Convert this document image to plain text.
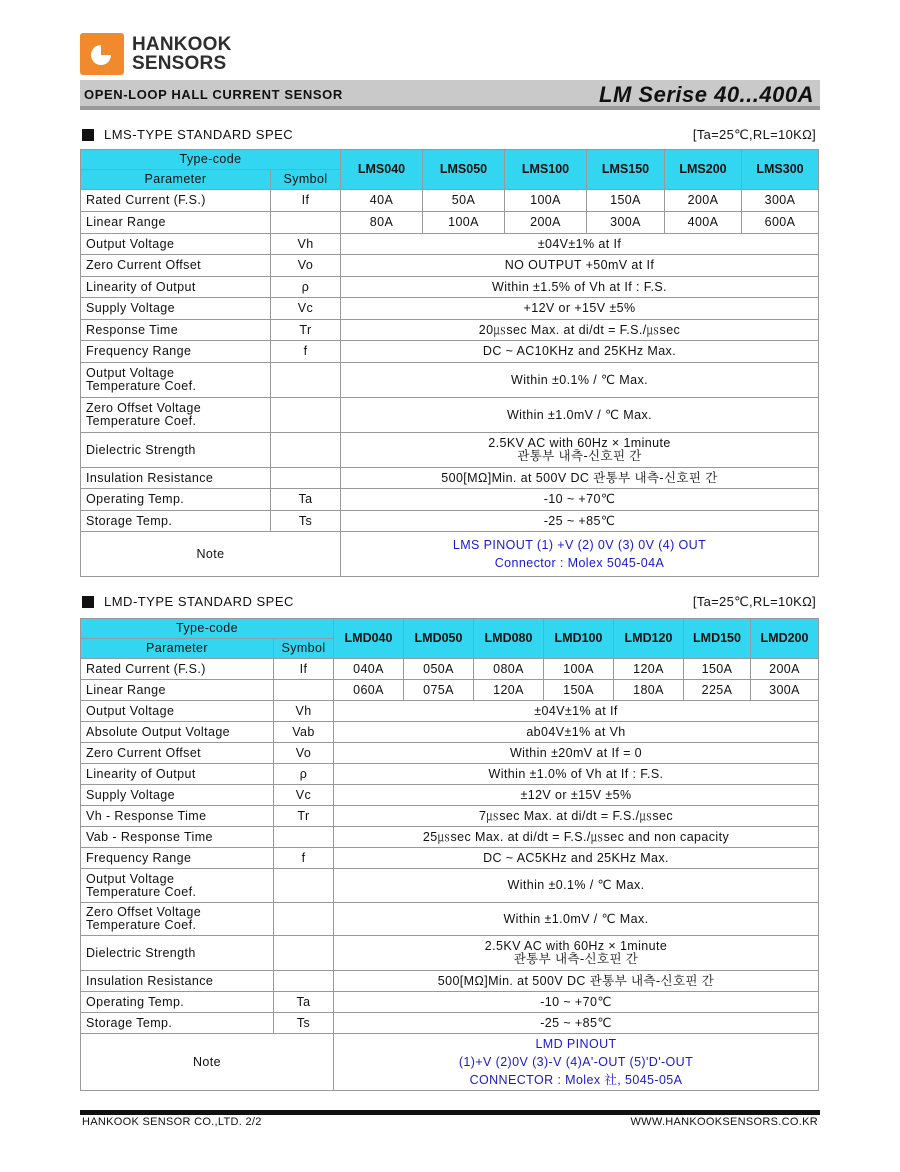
HANKOOK
SENSORS
OPEN-LOOP HALL CURRENT SENSOR	LM Serise 40...400A
LMS-TYPE STANDARD SPEC	[Ta=25℃,RL=10KΩ]
Type-code		LMS040	LMS050	LMS100	LMS150	LMS200	LMS300
Parameter	Symbol						
Rated Current (F.S.)	If	40A	50A	100A	150A	200A	300A
Linear Range		80A	100A	200A	300A	400A	600A
Output Voltage	Vh	±04V±1% at If					
Zero Current Offset	Vo	NO OUTPUT +50mV at If					
Linearity of Output	ρ	Within ±1.5% of Vh at If : F.S.					
Supply Voltage	Vc	+12V or +15V ±5%					
Response Time	Tr	20㎲sec Max. at di/dt = F.S./㎲sec					
Frequency Range	f	DC ~ AC10KHz and 25KHz Max.					

Output Voltage
Temperature Coef.		Within ±0.1% / ℃ Max.					

Zero Offset Voltage
Temperature Coef.		Within ±1.0mV / ℃ Max.					
Dielectric Strength		2.5KV AC with 60Hz × 1minute
관통부 내측-신호핀 간					

Insulation Resistance		500[MΩ]Min. at 500V DC 관통부 내측-신호핀 간					
Operating Temp.	Ta	-10 ~ +70℃					
Storage Temp.	Ts	-25 ~ +85℃					
Note		LMS PINOUT (1) +V (2) 0V (3) 0V (4) OUT
Connector : Molex 5045-04A					
LMD-TYPE STANDARD SPEC	[Ta=25℃,RL=10KΩ]
Type-code		LMD040	LMD050	LMD080	LMD100	LMD120	LMD150	LMD200
Parameter	Symbol							
Rated Current (F.S.)	If	040A	050A	080A	100A	120A	150A	200A
Linear Range		060A	075A	120A	150A	180A	225A	300A
Output Voltage	Vh	±04V±1% at If						
Absolute Output Voltage	Vab	ab04V±1% at Vh						
Zero Current Offset	Vo	Within ±20mV at If = 0						
Linearity of Output	ρ	Within ±1.0% of Vh at If : F.S.						
Supply Voltage	Vc	±12V or ±15V ±5%						
Vh - Response Time	Tr	7㎲sec Max. at di/dt = F.S./㎲sec						
Vab - Response Time		25㎲sec Max. at di/dt = F.S./㎲sec and non capacity						
Frequency Range	f	DC ~ AC5KHz and 25KHz Max.						

Output Voltage
Temperature Coef.		Within ±0.1% / ℃ Max.						

Zero Offset Voltage
Temperature Coef.		Within ±1.0mV / ℃ Max.						
Dielectric Strength		2.5KV AC with 60Hz × 1minute
관통부 내측-신호핀 간						

Insulation Resistance		500[MΩ]Min. at 500V DC 관통부 내측-신호핀 간						
Operating Temp.	Ta	-10 ~ +70℃						
Storage Temp.	Ts	-25 ~ +85℃						
Note		LMD PINOUT
(1)+V (2)0V (3)-V (4)A'-OUT (5)'D'-OUT
CONNECTOR : Molex 社, 5045-05A						
HANKOOK SENSOR CO.,LTD. 2/2	WWW.HANKOOKSENSORS.CO.KR
